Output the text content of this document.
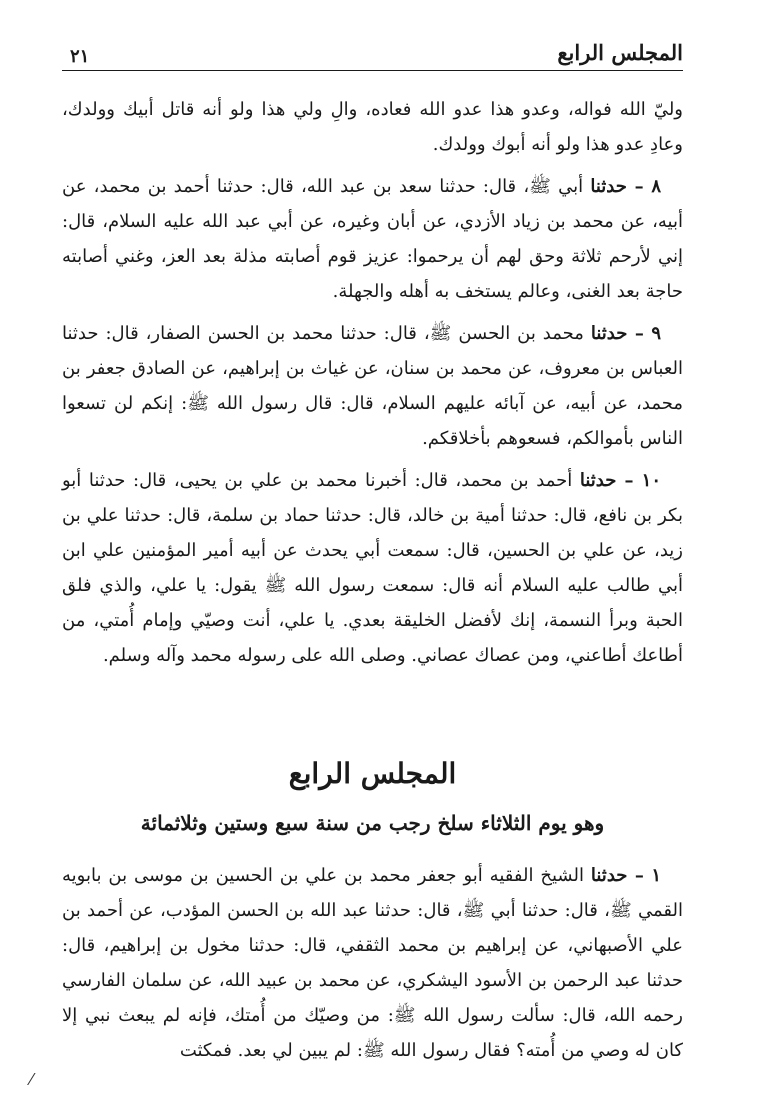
المجلس الرابع
٢١

وليّ الله فواله، وعدو هذا عدو الله فعاده، والِ ولي هذا ولو أنه قاتل أبيك وولدك، وعادِ عدو هذا ولو أنه أبوك وولدك.

٨ – حدثنا أبي ﷺ، قال: حدثنا سعد بن عبد الله، قال: حدثنا أحمد بن محمد، عن أبيه، عن محمد بن زياد الأزدي، عن أبان وغيره، عن أبي عبد الله عليه السلام، قال: إني لأرحم ثلاثة وحق لهم أن يرحموا: عزيز قوم أصابته مذلة بعد العز، وغني أصابته حاجة بعد الغنى، وعالم يستخف به أهله والجهلة.

٩ – حدثنا محمد بن الحسن ﷺ، قال: حدثنا محمد بن الحسن الصفار، قال: حدثنا العباس بن معروف، عن محمد بن سنان، عن غياث بن إبراهيم، عن الصادق جعفر بن محمد، عن أبيه، عن آبائه عليهم السلام، قال: قال رسول الله ﷺ: إنكم لن تسعوا الناس بأموالكم، فسعوهم بأخلاقكم.

١٠ – حدثنا أحمد بن محمد، قال: أخبرنا محمد بن علي بن يحيى، قال: حدثنا أبو بكر بن نافع، قال: حدثنا أمية بن خالد، قال: حدثنا حماد بن سلمة، قال: حدثنا علي بن زيد، عن علي بن الحسين، قال: سمعت أبي يحدث عن أبيه أمير المؤمنين علي ابن أبي طالب عليه السلام أنه قال: سمعت رسول الله ﷺ يقول: يا علي، والذي فلق الحبة وبرأ النسمة، إنك لأفضل الخليقة بعدي. يا علي، أنت وصيّي وإمام أُمتي، من أطاعك أطاعني، ومن عصاك عصاني. وصلى الله على رسوله محمد وآله وسلم.

المجلس الرابع
وهو يوم الثلاثاء سلخ رجب من سنة سبع وستين وثلاثمائة

١ – حدثنا الشيخ الفقيه أبو جعفر محمد بن علي بن الحسين بن موسى بن بابويه القمي ﷺ، قال: حدثنا أبي ﷺ، قال: حدثنا عبد الله بن الحسن المؤدب، عن أحمد بن علي الأصبهاني، عن إبراهيم بن محمد الثقفي، قال: حدثنا مخول بن إبراهيم، قال: حدثنا عبد الرحمن بن الأسود اليشكري، عن محمد بن عبيد الله، عن سلمان الفارسي رحمه الله، قال: سألت رسول الله ﷺ: من وصيّك من أُمتك، فإنه لم يبعث نبي إلا كان له وصي من أُمته؟ فقال رسول الله ﷺ: لم يبين لي بعد. فمكثت

⁄
